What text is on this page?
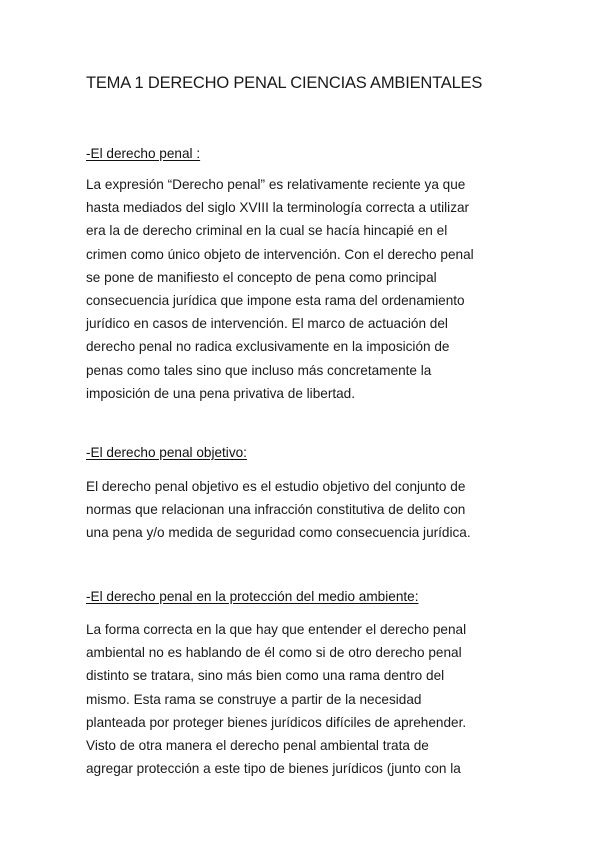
TEMA 1 DERECHO PENAL CIENCIAS AMBIENTALES
-El derecho penal :
La expresión “Derecho penal” es relativamente reciente ya que
hasta mediados del siglo XVIII la terminología correcta a utilizar
era la de derecho criminal en la cual se hacía hincapié en el
crimen como único objeto de intervención. Con el derecho penal
se pone de manifiesto el concepto de pena como principal
consecuencia jurídica que impone esta rama del ordenamiento
jurídico en casos de intervención. El marco de actuación del
derecho penal no radica exclusivamente en la imposición de
penas como tales sino que incluso más concretamente la
imposición de una pena privativa de libertad.
-El derecho penal objetivo:
El derecho penal objetivo es el estudio objetivo del conjunto de
normas que relacionan una infracción constitutiva de delito con
una pena y/o medida de seguridad como consecuencia jurídica.
-El derecho penal en la protección del medio ambiente:
La forma correcta en la que hay que entender el derecho penal
ambiental no es hablando de él como si de otro derecho penal
distinto se tratara, sino más bien como una rama dentro del
mismo. Esta rama se construye a partir de la necesidad
planteada por proteger bienes jurídicos difíciles de aprehender.
Visto de otra manera el derecho penal ambiental trata de
agregar protección a este tipo de bienes jurídicos (junto con la
